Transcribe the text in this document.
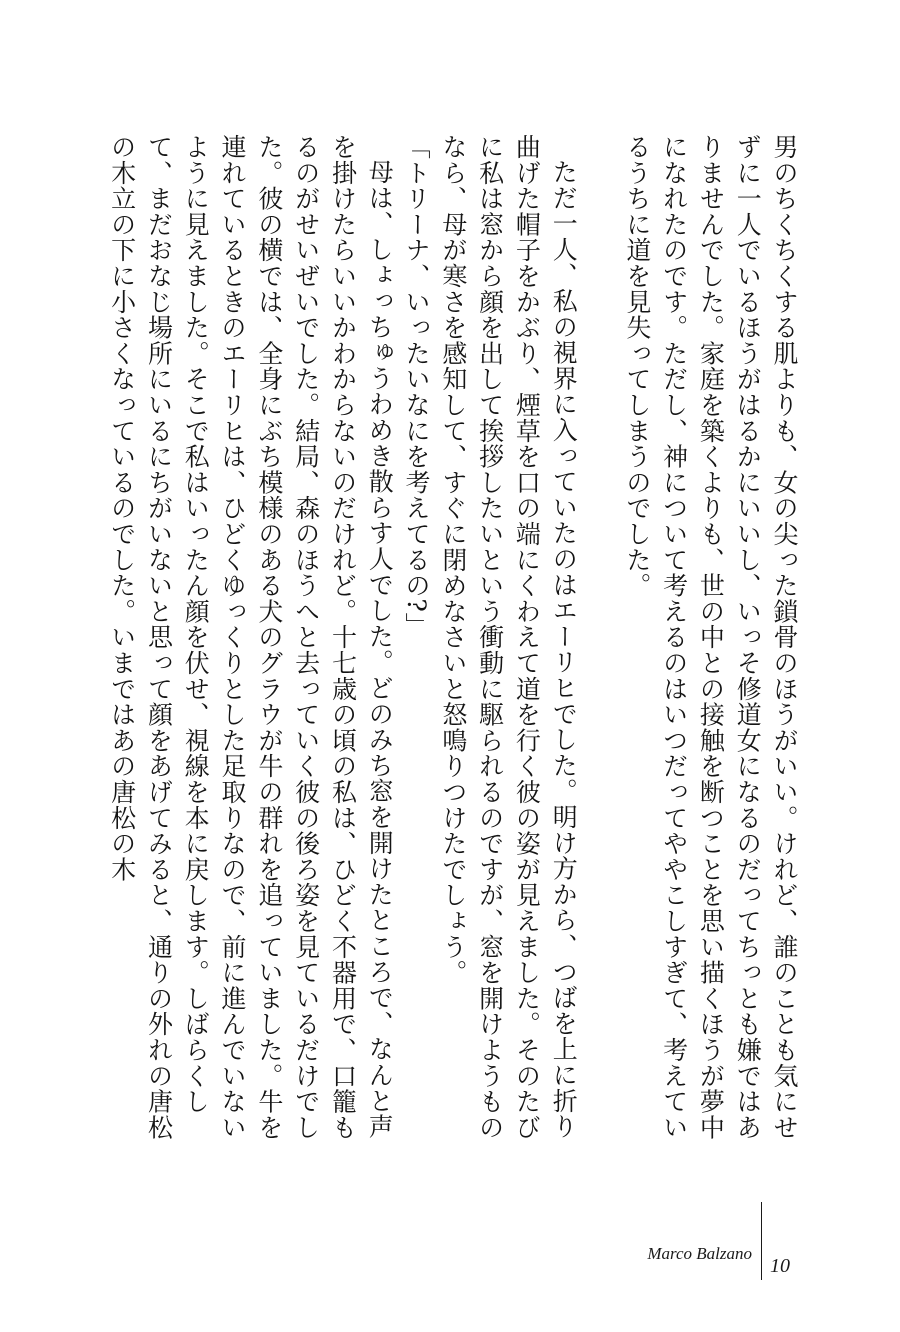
男のちくちくする肌よりも、女の尖った鎖骨のほうがいい。けれど、誰のことも気にせずに一人でいるほうがはるかにいいし、いっそ修道女になるのだってちっとも嫌ではありませんでした。家庭を築くよりも、世の中との接触を断つことを思い描くほうが夢中になれたのです。ただし、神について考えるのはいつだってややこしすぎて、考えているうちに道を見失ってしまうのでした。

ただ一人、私の視界に入っていたのはエーリヒでした。明け方から、つばを上に折り曲げた帽子をかぶり、煙草を口の端にくわえて道を行く彼の姿が見えました。そのたびに私は窓から顔を出して挨拶したいという衝動に駆られるのですが、窓を開けようものなら、母が寒さを感知して、すぐに閉めなさいと怒鳴りつけたでしょう。

「トリーナ、いったいなにを考えてるの?」

母は、しょっちゅうわめき散らす人でした。どのみち窓を開けたところで、なんと声を掛けたらいいかわからないのだけれど。十七歳の頃の私は、ひどく不器用で、口籠もるのがせいぜいでした。結局、森のほうへと去っていく彼の後ろ姿を見ているだけでした。彼の横では、全身にぶち模様のある犬のグラウが牛の群れを追っていました。牛を連れているときのエーリヒは、ひどくゆっくりとした足取りなので、前に進んでいないように見えました。そこで私はいったん顔を伏せ、視線を本に戻します。しばらくして、まだおなじ場所にいるにちがいないと思って顔をあげてみると、通りの外れの唐松の木立の下に小さくなっているのでした。いまではあの唐松の木

Marco Balzano
10
